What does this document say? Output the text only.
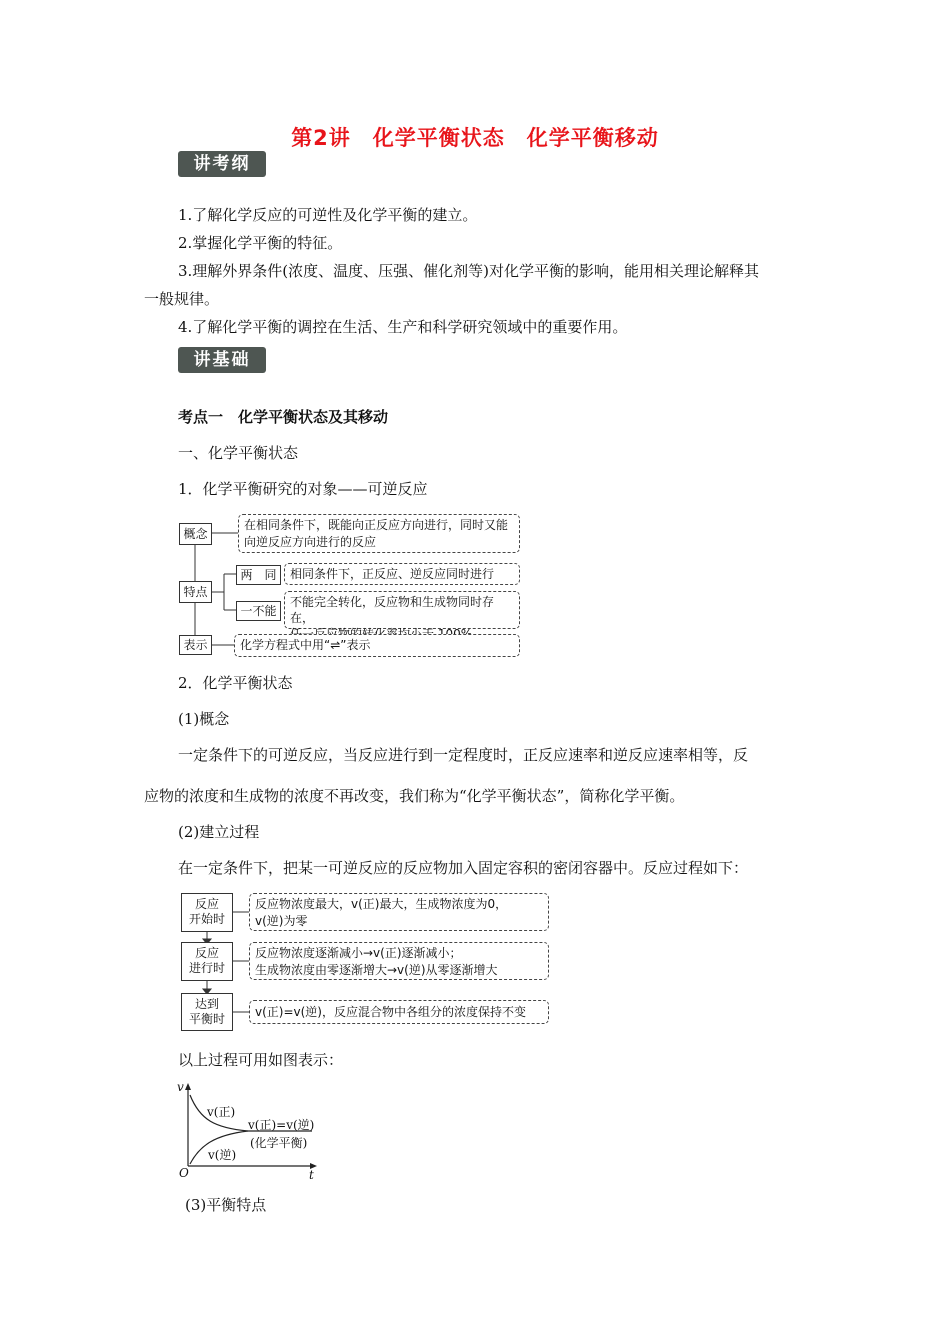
第2讲　化学平衡状态　化学平衡移动
讲考纲
1.了解化学反应的可逆性及化学平衡的建立。
2.掌握化学平衡的特征。
3.理解外界条件(浓度、温度、压强、催化剂等)对化学平衡的影响，能用相关理论解释其
一般规律。
4.了解化学平衡的调控在生活、生产和科学研究领域中的重要作用。
讲基础
考点一　化学平衡状态及其移动
一、化学平衡状态
1．化学平衡研究的对象——可逆反应
概念
特点
表示
两　同
一不能
在相同条件下，既能向正反应方向进行，同时又能
向逆反应方向进行的反应
相同条件下，正反应、逆反应同时进行
不能完全转化，反应物和生成物同时存在，
化学方程式中用“⇌”表示
2．化学平衡状态
(1)概念
一定条件下的可逆反应，当反应进行到一定程度时，正反应速率和逆反应速率相等，反
应物的浓度和生成物的浓度不再改变，我们称为“化学平衡状态”，简称化学平衡。
(2)建立过程
在一定条件下，把某一可逆反应的反应物加入固定容积的密闭容器中。反应过程如下：
反应
开始时
反应
进行时
达到
平衡时
反应物浓度最大，v(正)最大，生成物浓度为0，
v(逆)为零
反应物浓度逐渐减小→v(正)逐渐减小；
生成物浓度由零逐渐增大→v(逆)从零逐渐增大
v(正)=v(逆)，反应混合物中各组分的浓度保持不变
以上过程可用如图表示：
v
t
O
v(正)
v(逆)
v(正)=v(逆)
(化学平衡)
(3)平衡特点
